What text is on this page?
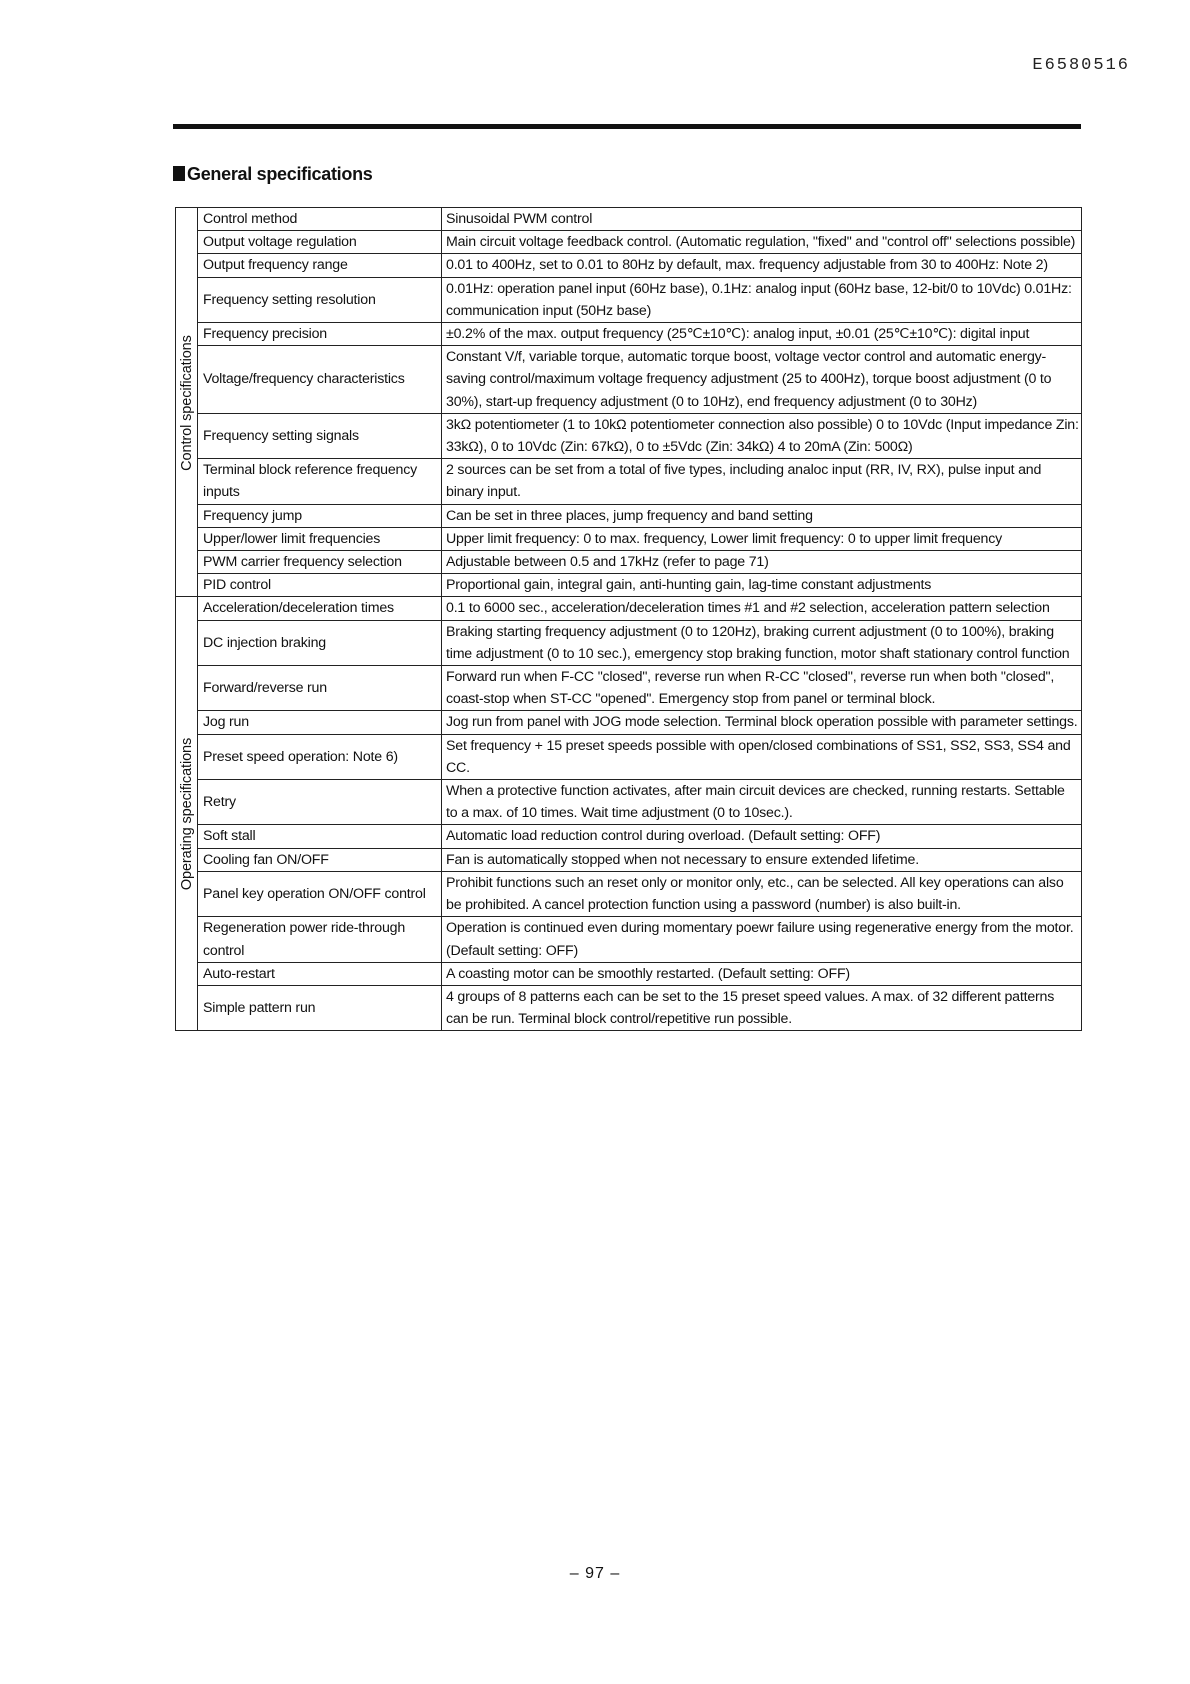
E6580516
General specifications
Control specifications	Control method	Sinusoidal PWM control
	Output voltage regulation	Main circuit voltage feedback control. (Automatic regulation, "fixed" and "control off" selections possible)
	Output frequency range	0.01 to 400Hz, set to 0.01 to 80Hz by default, max. frequency adjustable from 30 to 400Hz: Note 2)
	Frequency setting resolution	0.01Hz: operation panel input (60Hz base), 0.1Hz: analog input (60Hz base, 12-bit/0 to 10Vdc) 0.01Hz: communication input (50Hz base)
	Frequency precision	±0.2% of the max. output frequency (25℃±10℃): analog input, ±0.01 (25℃±10℃): digital input
	Voltage/frequency characteristics	Constant V/f, variable torque, automatic torque boost, voltage vector control and automatic energy-saving control/maximum voltage frequency adjustment (25 to 400Hz), torque boost adjustment (0 to 30%), start-up frequency adjustment (0 to 10Hz), end frequency adjustment (0 to 30Hz)
	Frequency setting signals	3kΩ potentiometer (1 to 10kΩ potentiometer connection also possible) 0 to 10Vdc (Input impedance Zin: 33kΩ), 0 to 10Vdc (Zin: 67kΩ), 0 to ±5Vdc (Zin: 34kΩ) 4 to 20mA (Zin: 500Ω)
	Terminal block reference frequency inputs	2 sources can be set from a total of five types, including analoc input (RR, IV, RX), pulse input and binary input.
	Frequency jump	Can be set in three places, jump frequency and band setting
	Upper/lower limit frequencies	Upper limit frequency: 0 to max. frequency, Lower limit frequency: 0 to upper limit frequency
	PWM carrier frequency selection	Adjustable between 0.5 and 17kHz (refer to page 71)
	PID control	Proportional gain, integral gain, anti-hunting gain, lag-time constant adjustments

Operating specifications	Acceleration/deceleration times	0.1 to 6000 sec., acceleration/deceleration times #1 and #2 selection, acceleration pattern selection
	DC injection braking	Braking starting frequency adjustment (0 to 120Hz), braking current adjustment (0 to 100%), braking time adjustment (0 to 10 sec.), emergency stop braking function, motor shaft stationary control function
	Forward/reverse run	Forward run when F-CC "closed", reverse run when R-CC "closed", reverse run when both "closed", coast-stop when ST-CC "opened". Emergency stop from panel or terminal block.
	Jog run	Jog run from panel with JOG mode selection. Terminal block operation possible with parameter settings.
	Preset speed operation: Note 6)	Set frequency + 15 preset speeds possible with open/closed combinations of SS1, SS2, SS3, SS4 and CC.
	Retry	When a protective function activates, after main circuit devices are checked, running restarts. Settable to a max. of 10 times. Wait time adjustment (0 to 10sec.).
	Soft stall	Automatic load reduction control during overload. (Default setting: OFF)
	Cooling fan ON/OFF	Fan is automatically stopped when not necessary to ensure extended lifetime.
	Panel key operation ON/OFF control	Prohibit functions such an reset only or monitor only, etc., can be selected. All key operations can also be prohibited. A cancel protection function using a password (number) is also built-in.
	Regeneration power ride-through control	Operation is continued even during momentary poewr failure using regenerative energy from the motor. (Default setting: OFF)
	Auto-restart	A coasting motor can be smoothly restarted. (Default setting: OFF)
	Simple pattern run	4 groups of 8 patterns each can be set to the 15 preset speed values. A max. of 32 different patterns can be run. Terminal block control/repetitive run possible.
– 97 –
